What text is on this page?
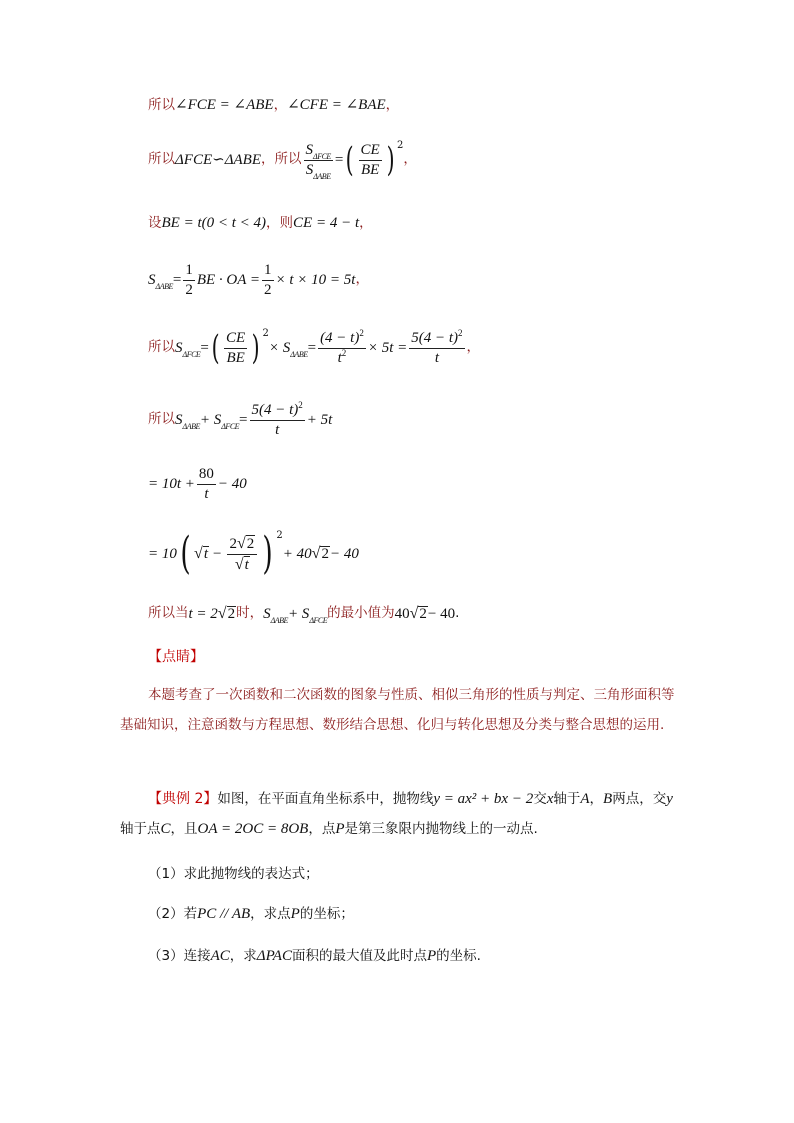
所以 ∠FCE = ∠ABE ， ∠CFE = ∠BAE ，
所以 ΔFCE∽ΔABE ，所以 $\frac{S_{\Delta FCE}}{S_{\Delta ABE}}$ = ( $\frac{CE}{BE}$ ) 2
，
设 BE = t (0 < t < 4) ，则 CE = 4 − t ，
$S_{\Delta ABE} = \frac{1}{2}$ BE · OA = $\frac{1}{2} \times t \times 10 = 5t$ ，
所以 $S_{\Delta FCE}$ = ( $\frac{CE}{BE}$ ) 2
× $S_{\Delta ABE} = \frac{(4 - t)^2}{t^2} \times 5t = \frac{5(4 - t)^2}{t}$ ，
所以 $S_{\Delta ABE} + S_{\Delta FCE} = \frac{5(4 - t)^2}{t} + 5t$
= $10t + \frac{80}{t} - 40$
= 10 ( √ $t - \frac{2 √ 2}{√ t}$ ) 2
+ 40 √ 2 − 40
所以当 t = 2 √ 2 时， $S_{\Delta ABE} + S_{\Delta FCE}$ 的最小值为 40 √ 2 − 40 .
【点睛】
本题考查了一次函数和二次函数的图象与性质、相似三角形的性质与判定、三角形面积等基础知识，注意函数与方程思想、数形结合思想、化归与转化思想及分类与整合思想的运用.
【典例 2】如图，在平面直角坐标系中，抛物线y = ax² + bx − 2交x轴于A，B两点，交y轴于点C，且OA = 2OC = 8OB，点P是第三象限内抛物线上的一动点.
（1）求此抛物线的表达式；
（2）若PC // AB，求点P的坐标；
（3）连接AC，求ΔPAC面积的最大值及此时点P的坐标.
